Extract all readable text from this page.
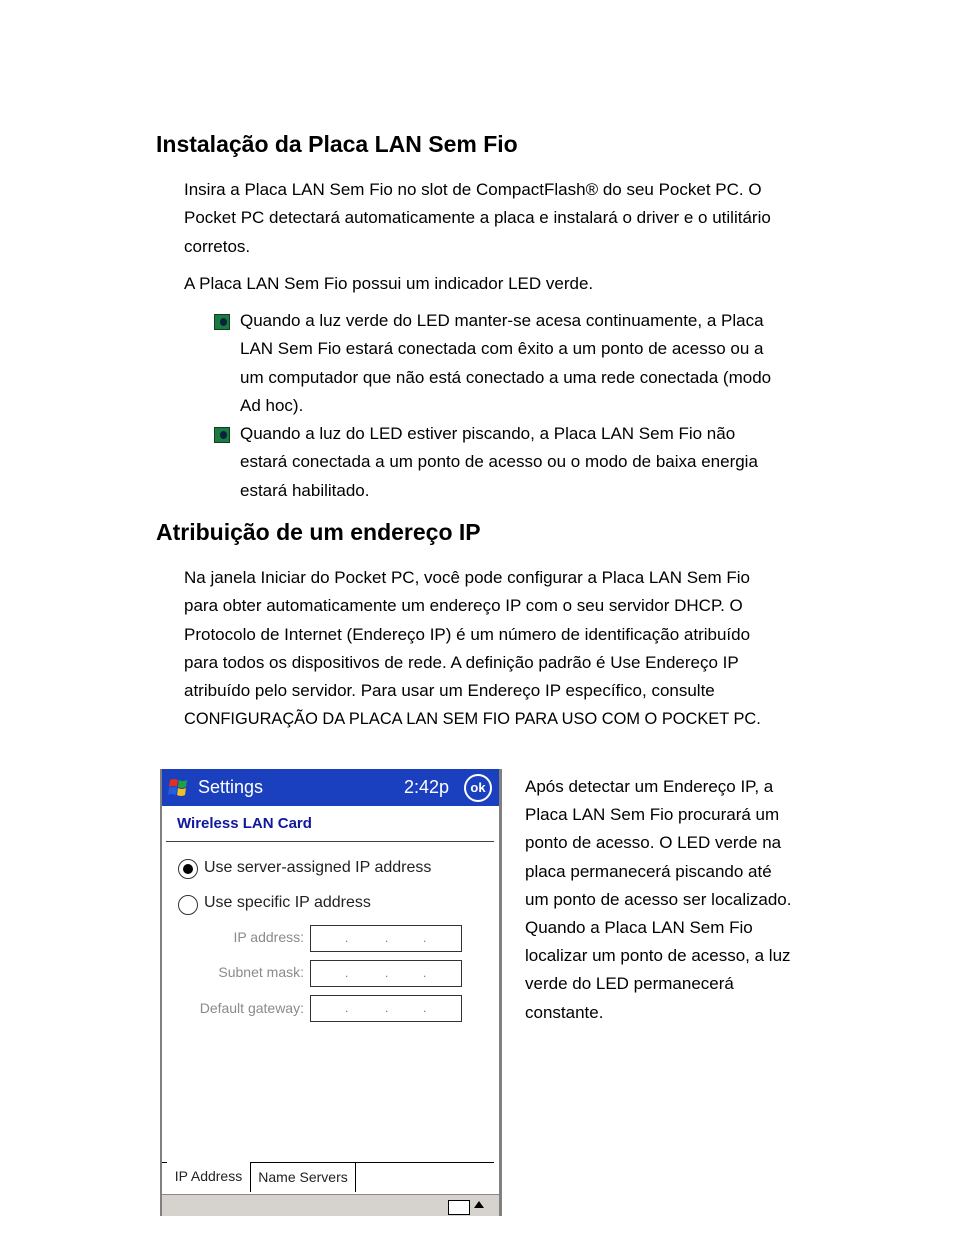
Instalação da Placa LAN Sem Fio

Insira a Placa LAN Sem Fio no slot de CompactFlash® do seu Pocket PC. O
Pocket PC detectará automaticamente a placa e instalará o driver e o utilitário
corretos.

A Placa LAN Sem Fio possui um indicador LED verde.

Quando a luz verde do LED manter-se acesa continuamente, a Placa
LAN Sem Fio estará conectada com êxito a um ponto de acesso ou a
um computador que não está conectado a uma rede conectada (modo
Ad hoc).
Quando a luz do LED estiver piscando, a Placa LAN Sem Fio não
estará conectada a um ponto de acesso ou o modo de baixa energia
estará habilitado.
Atribuição de um endereço IP

Na janela Iniciar do Pocket PC, você pode configurar a Placa LAN Sem Fio
para obter automaticamente um endereço IP com o seu servidor DHCP. O
Protocolo de Internet (Endereço IP) é um número de identificação atribuído
para todos os dispositivos de rede. A definição padrão é Use Endereço IP
atribuído pelo servidor. Para usar um Endereço IP específico, consulte
CONFIGURAÇÃO DA PLACA LAN SEM FIO PARA USO COM O POCKET PC.

Settings	2:42p	ok
Wireless LAN Card
Use server-assigned IP address
Use specific IP address
IP address:	.	.	.
Subnet mask:	.	.	.
Default gateway:	.	.	.
IP Address	Name Servers
Após detectar um Endereço IP, a
Placa LAN Sem Fio procurará um
ponto de acesso. O LED verde na
placa permanecerá piscando até
um ponto de acesso ser localizado.
Quando a Placa LAN Sem Fio
localizar um ponto de acesso, a luz
verde do LED permanecerá
constante.
